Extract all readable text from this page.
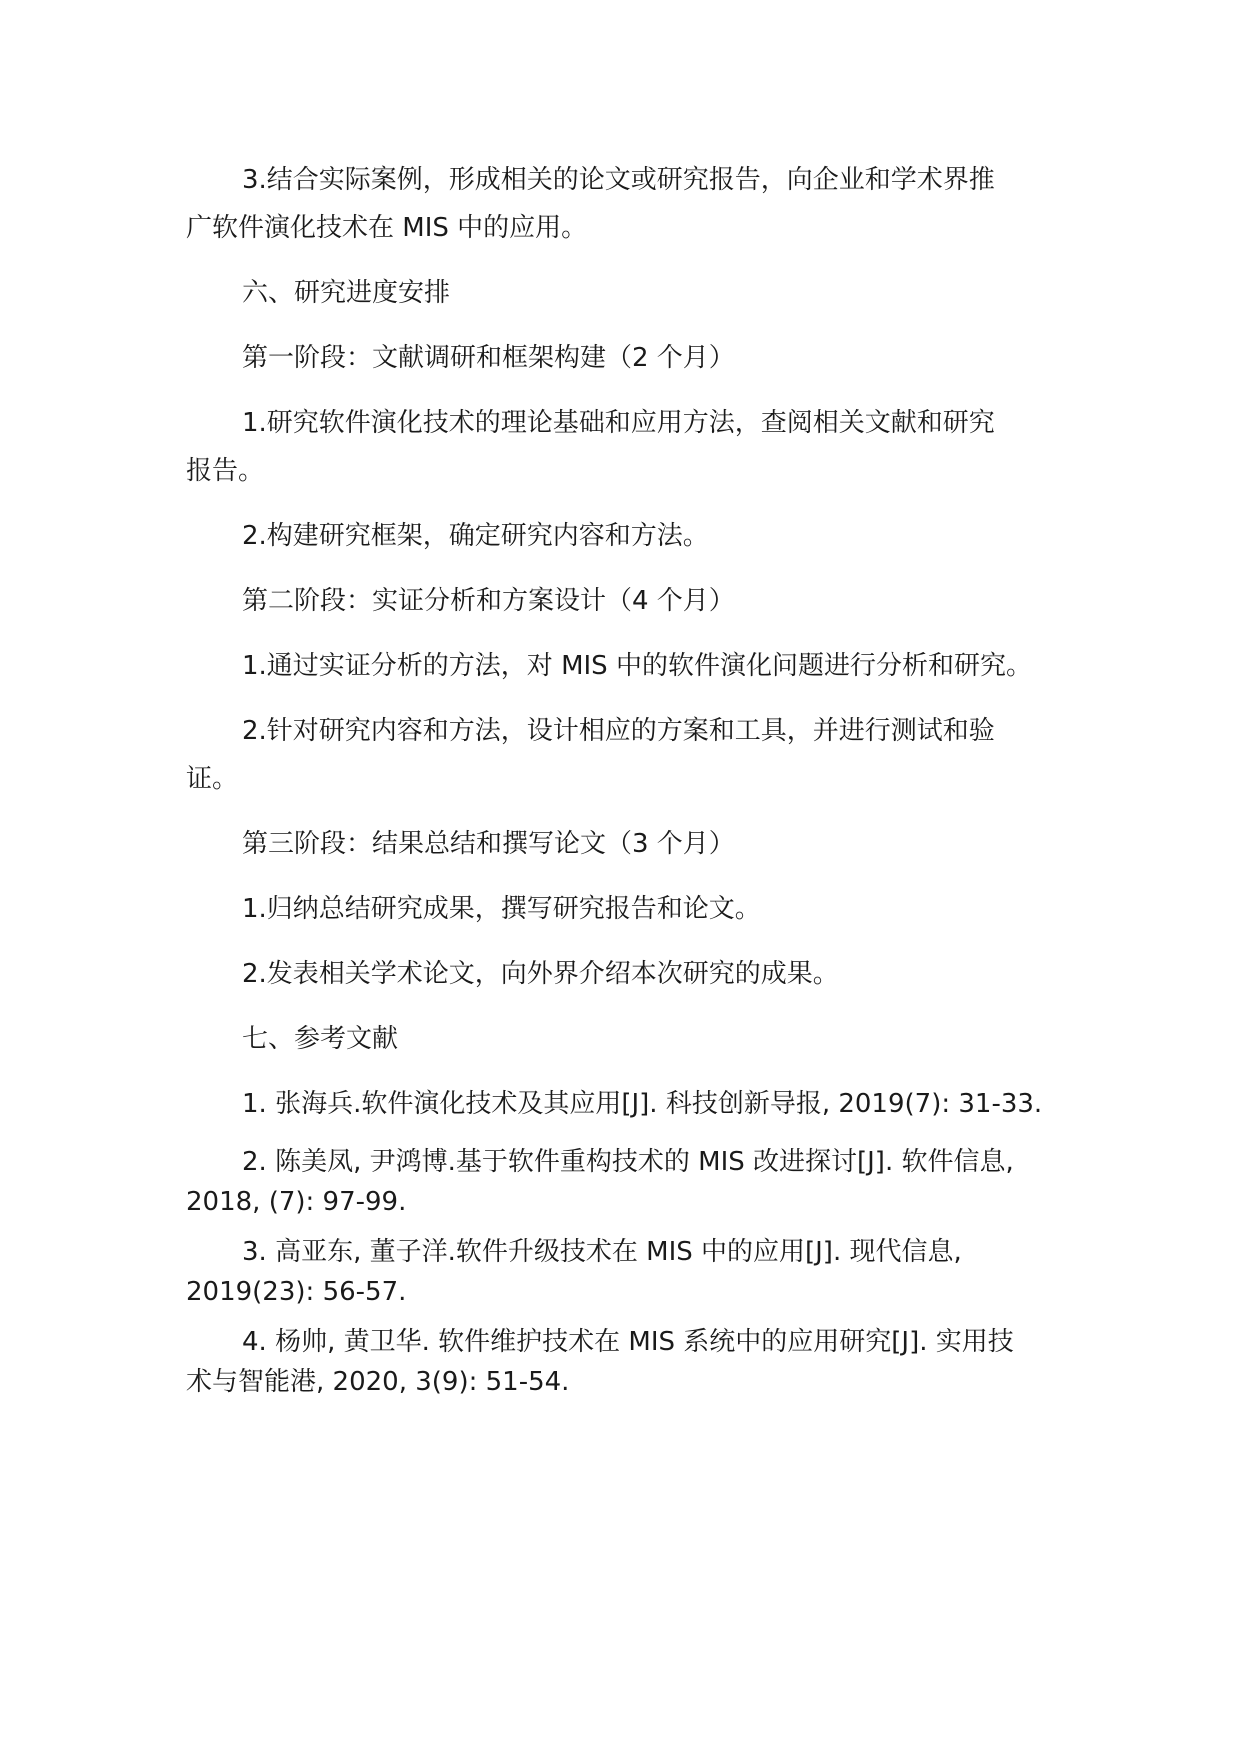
3.结合实际案例，形成相关的论文或研究报告，向企业和学术界推
广软件演化技术在 MIS 中的应用。
六、研究进度安排
第一阶段：文献调研和框架构建（2 个月）
1.研究软件演化技术的理论基础和应用方法，查阅相关文献和研究
报告。
2.构建研究框架，确定研究内容和方法。
第二阶段：实证分析和方案设计（4 个月）
1.通过实证分析的方法，对 MIS 中的软件演化问题进行分析和研究。
2.针对研究内容和方法，设计相应的方案和工具，并进行测试和验
证。
第三阶段：结果总结和撰写论文（3 个月）
1.归纳总结研究成果，撰写研究报告和论文。
2.发表相关学术论文，向外界介绍本次研究的成果。
七、参考文献
1. 张海兵.软件演化技术及其应用[J]. 科技创新导报, 2019(7): 31-33.
2. 陈美凤, 尹鸿博.基于软件重构技术的 MIS 改进探讨[J]. 软件信息,
2018, (7): 97-99.
3. 高亚东, 董子洋.软件升级技术在 MIS 中的应用[J]. 现代信息,
2019(23): 56-57.
4. 杨帅, 黄卫华. 软件维护技术在 MIS 系统中的应用研究[J]. 实用技
术与智能港, 2020, 3(9): 51-54.
